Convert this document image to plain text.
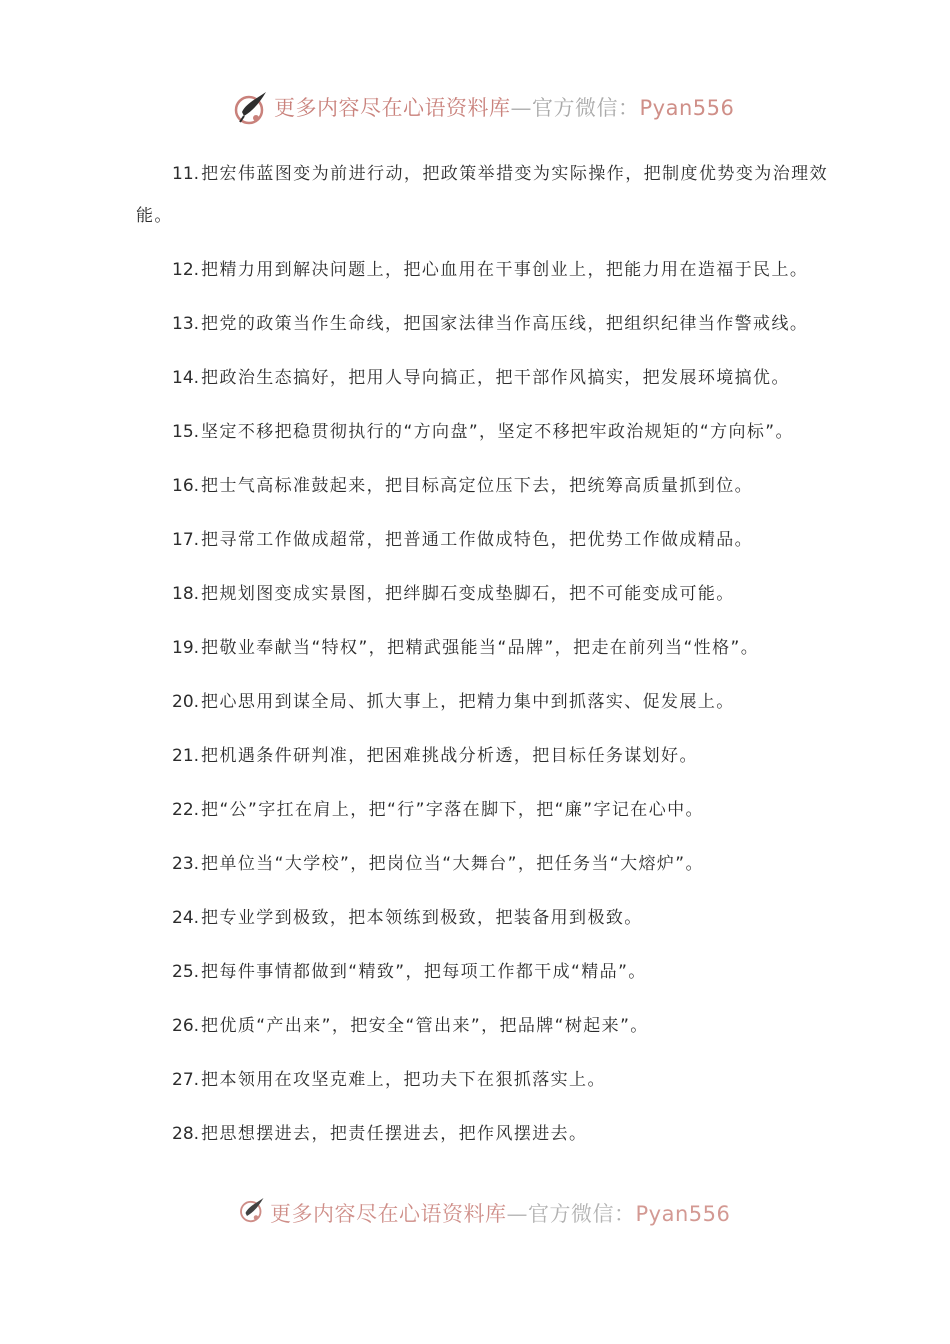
更多内容尽在心语资料库—官方微信：Pyan556

11. 把宏伟蓝图变为前进行动，把政策举措变为实际操作，把制度优势变为治理效能。

12. 把精力用到解决问题上，把心血用在干事创业上，把能力用在造福于民上。

13. 把党的政策当作生命线，把国家法律当作高压线，把组织纪律当作警戒线。

14. 把政治生态搞好，把用人导向搞正，把干部作风搞实，把发展环境搞优。

15. 坚定不移把稳贯彻执行的“方向盘”，坚定不移把牢政治规矩的“方向标”。

16. 把士气高标准鼓起来，把目标高定位压下去，把统筹高质量抓到位。

17. 把寻常工作做成超常，把普通工作做成特色，把优势工作做成精品。

18. 把规划图变成实景图，把绊脚石变成垫脚石，把不可能变成可能。

19. 把敬业奉献当“特权”，把精武强能当“品牌”，把走在前列当“性格”。

20. 把心思用到谋全局、抓大事上，把精力集中到抓落实、促发展上。

21. 把机遇条件研判准，把困难挑战分析透，把目标任务谋划好。

22. 把“公”字扛在肩上，把“行”字落在脚下，把“廉”字记在心中。

23. 把单位当“大学校”，把岗位当“大舞台”，把任务当“大熔炉”。

24. 把专业学到极致，把本领练到极致，把装备用到极致。

25. 把每件事情都做到“精致”，把每项工作都干成“精品”。

26. 把优质“产出来”，把安全“管出来”，把品牌“树起来”。

27. 把本领用在攻坚克难上，把功夫下在狠抓落实上。

28. 把思想摆进去，把责任摆进去，把作风摆进去。

更多内容尽在心语资料库—官方微信：Pyan556
